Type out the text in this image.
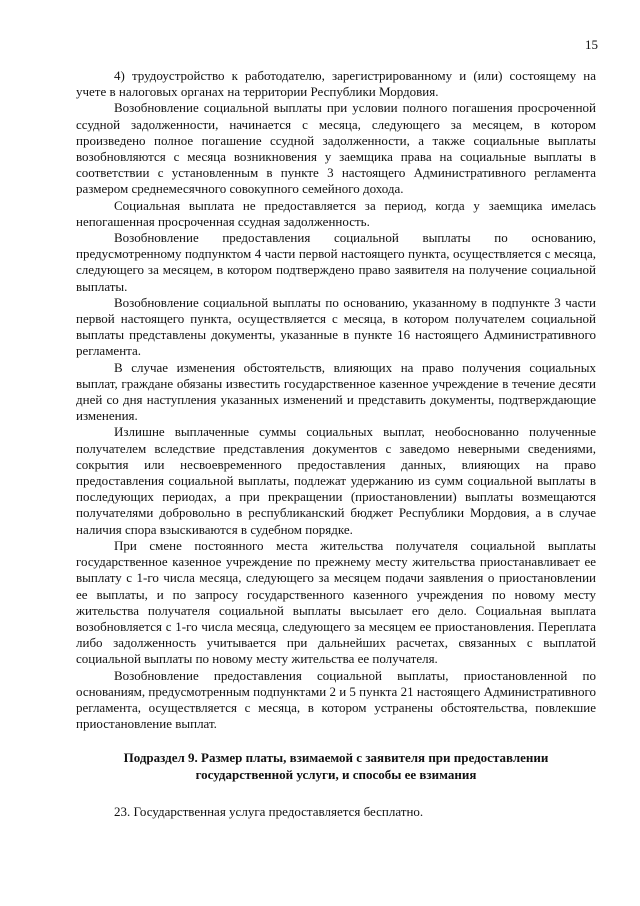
15

4) трудоустройство к работодателю, зарегистрированному и (или) состоящему на учете в налоговых органах на территории Республики Мордовия.

Возобновление социальной выплаты при условии полного погашения просроченной ссудной задолженности, начинается с месяца, следующего за месяцем, в котором произведено полное погашение ссудной задолженности, а также социальные выплаты возобновляются с месяца возникновения у заемщика права на социальные выплаты в соответствии с установленным в пункте 3 настоящего Административного регламента размером среднемесячного совокупного семейного дохода.

Социальная выплата не предоставляется за период, когда у заемщика имелась непогашенная просроченная ссудная задолженность.

Возобновление предоставления социальной выплаты по основанию, предусмотренному подпунктом 4 части первой настоящего пункта, осуществляется с месяца, следующего за месяцем, в котором подтверждено право заявителя на получение социальной выплаты.

Возобновление социальной выплаты по основанию, указанному в подпункте 3 части первой настоящего пункта, осуществляется с месяца, в котором получателем социальной выплаты представлены документы, указанные в пункте 16 настоящего Административного регламента.

В случае изменения обстоятельств, влияющих на право получения социальных выплат, граждане обязаны известить государственное казенное учреждение в течение десяти дней со дня наступления указанных изменений и представить документы, подтверждающие изменения.

Излишне выплаченные суммы социальных выплат, необоснованно полученные получателем вследствие представления документов с заведомо неверными сведениями, сокрытия или несвоевременного предоставления данных, влияющих на право предоставления социальной выплаты, подлежат удержанию из сумм социальной выплаты в последующих периодах, а при прекращении (приостановлении) выплаты возмещаются получателями добровольно в республиканский бюджет Республики Мордовия, а в случае наличия спора взыскиваются в судебном порядке.

При смене постоянного места жительства получателя социальной выплаты государственное казенное учреждение по прежнему месту жительства приостанавливает ее выплату с 1-го числа месяца, следующего за месяцем подачи заявления о приостановлении ее выплаты, и по запросу государственного казенного учреждения по новому месту жительства получателя социальной выплаты высылает его дело. Социальная выплата возобновляется с 1-го числа месяца, следующего за месяцем ее приостановления. Переплата либо задолженность учитывается при дальнейших расчетах, связанных с выплатой социальной выплаты по новому месту жительства ее получателя.

Возобновление предоставления социальной выплаты, приостановленной по основаниям, предусмотренным подпунктами 2 и 5 пункта 21 настоящего Административного регламента, осуществляется с месяца, в котором устранены обстоятельства, повлекшие приостановление выплат.

Подраздел 9. Размер платы, взимаемой с заявителя при предоставлении
государственной услуги, и способы ее взимания

23. Государственная услуга предоставляется бесплатно.
